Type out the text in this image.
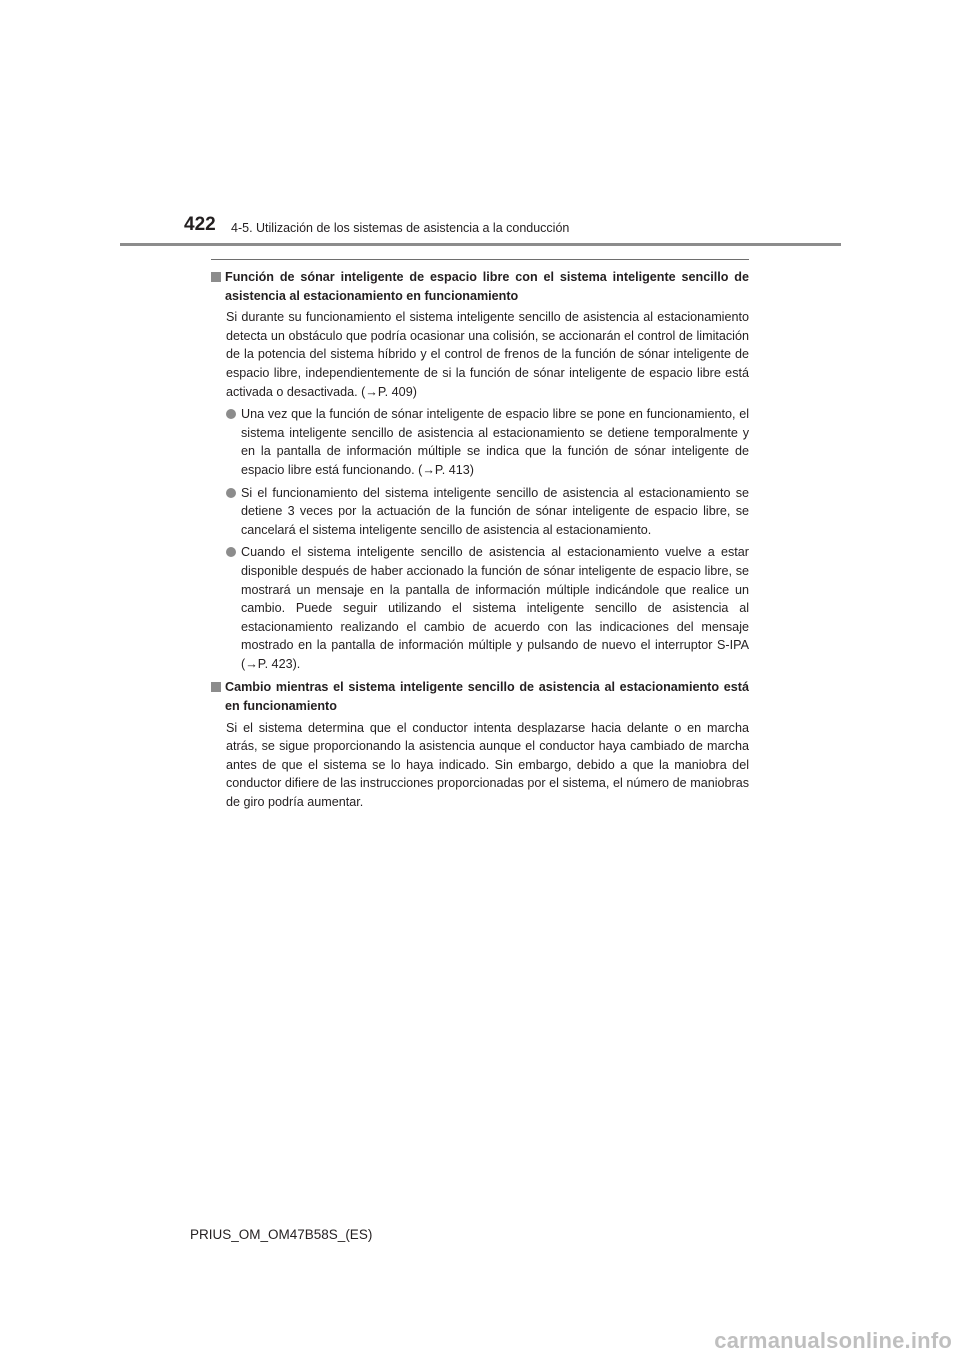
422 4-5. Utilización de los sistemas de asistencia a la conducción
Función de sónar inteligente de espacio libre con el sistema inteligente sencillo de asistencia al estacionamiento en funcionamiento
Si durante su funcionamiento el sistema inteligente sencillo de asistencia al estacionamiento detecta un obstáculo que podría ocasionar una colisión, se accionarán el control de limitación de la potencia del sistema híbrido y el control de frenos de la función de sónar inteligente de espacio libre, independientemente de si la función de sónar inteligente de espacio libre está activada o desactivada. (→P. 409)
Una vez que la función de sónar inteligente de espacio libre se pone en funcionamiento, el sistema inteligente sencillo de asistencia al estacionamiento se detiene temporalmente y en la pantalla de información múltiple se indica que la función de sónar inteligente de espacio libre está funcionando. (→P. 413)
Si el funcionamiento del sistema inteligente sencillo de asistencia al estacionamiento se detiene 3 veces por la actuación de la función de sónar inteligente de espacio libre, se cancelará el sistema inteligente sencillo de asistencia al estacionamiento.
Cuando el sistema inteligente sencillo de asistencia al estacionamiento vuelve a estar disponible después de haber accionado la función de sónar inteligente de espacio libre, se mostrará un mensaje en la pantalla de información múltiple indicándole que realice un cambio. Puede seguir utilizando el sistema inteligente sencillo de asistencia al estacionamiento realizando el cambio de acuerdo con las indicaciones del mensaje mostrado en la pantalla de información múltiple y pulsando de nuevo el interruptor S-IPA (→P. 423).
Cambio mientras el sistema inteligente sencillo de asistencia al estacionamiento está en funcionamiento
Si el sistema determina que el conductor intenta desplazarse hacia delante o en marcha atrás, se sigue proporcionando la asistencia aunque el conductor haya cambiado de marcha antes de que el sistema se lo haya indicado. Sin embargo, debido a que la maniobra del conductor difiere de las instrucciones proporcionadas por el sistema, el número de maniobras de giro podría aumentar.
PRIUS_OM_OM47B58S_(ES)
carmanualsonline.info
